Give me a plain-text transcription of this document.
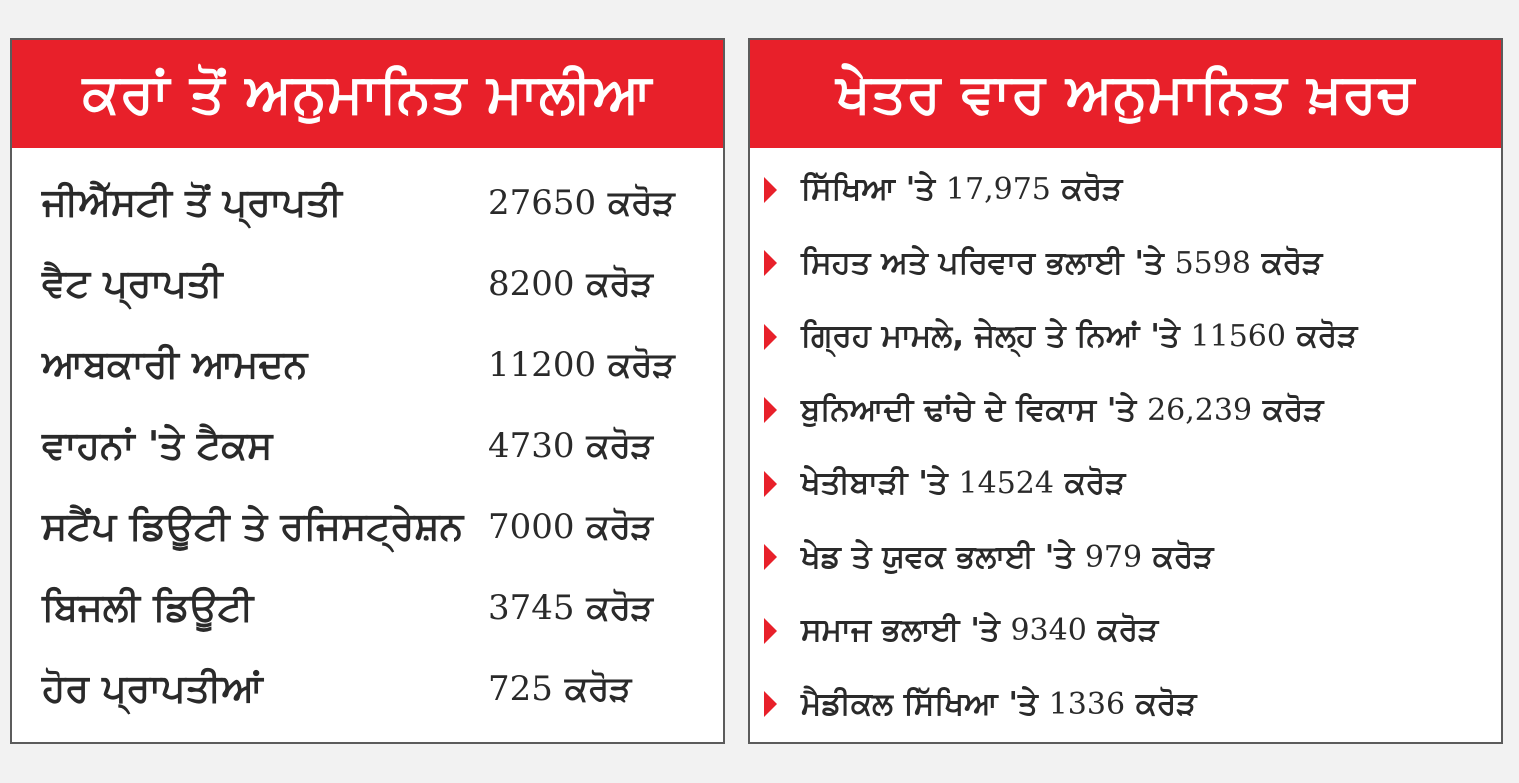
ਕਰਾਂ ਤੋਂ ਅਨੁਮਾਨਿਤ ਮਾਲੀਆ
ਜੀਐੱਸਟੀ ਤੋਂ ਪ੍ਰਾਪਤੀ	27650 ਕਰੋੜ
ਵੈਟ ਪ੍ਰਾਪਤੀ	8200 ਕਰੋੜ
ਆਬਕਾਰੀ ਆਮਦਨ	11200 ਕਰੋੜ
ਵਾਹਨਾਂ 'ਤੇ ਟੈਕਸ	4730 ਕਰੋੜ
ਸਟੈਂਪ ਡਿਊਟੀ ਤੇ ਰਜਿਸਟ੍ਰੇਸ਼ਨ 7000 ਕਰੋੜ
ਬਿਜਲੀ ਡਿਊਟੀ	3745 ਕਰੋੜ
ਹੋਰ ਪ੍ਰਾਪਤੀਆਂ	725 ਕਰੋੜ
ਖੇਤਰ ਵਾਰ ਅਨੁਮਾਨਿਤ ਖ਼ਰਚ
ਸਿੱਖਿਆ 'ਤੇ 17,975 ਕਰੋੜ
ਸਿਹਤ ਅਤੇ ਪਰਿਵਾਰ ਭਲਾਈ 'ਤੇ 5598 ਕਰੋੜ
ਗ੍ਰਿਹ ਮਾਮਲੇ, ਜੇਲ੍ਹ ਤੇ ਨਿਆਂ 'ਤੇ 11560 ਕਰੋੜ
ਬੁਨਿਆਦੀ ਢਾਂਚੇ ਦੇ ਵਿਕਾਸ 'ਤੇ 26,239 ਕਰੋੜ
ਖੇਤੀਬਾੜੀ 'ਤੇ 14524 ਕਰੋੜ
ਖੇਡ ਤੇ ਯੁਵਕ ਭਲਾਈ 'ਤੇ 979 ਕਰੋੜ
ਸਮਾਜ ਭਲਾਈ 'ਤੇ 9340 ਕਰੋੜ
ਮੈਡੀਕਲ ਸਿੱਖਿਆ 'ਤੇ 1336 ਕਰੋੜ
